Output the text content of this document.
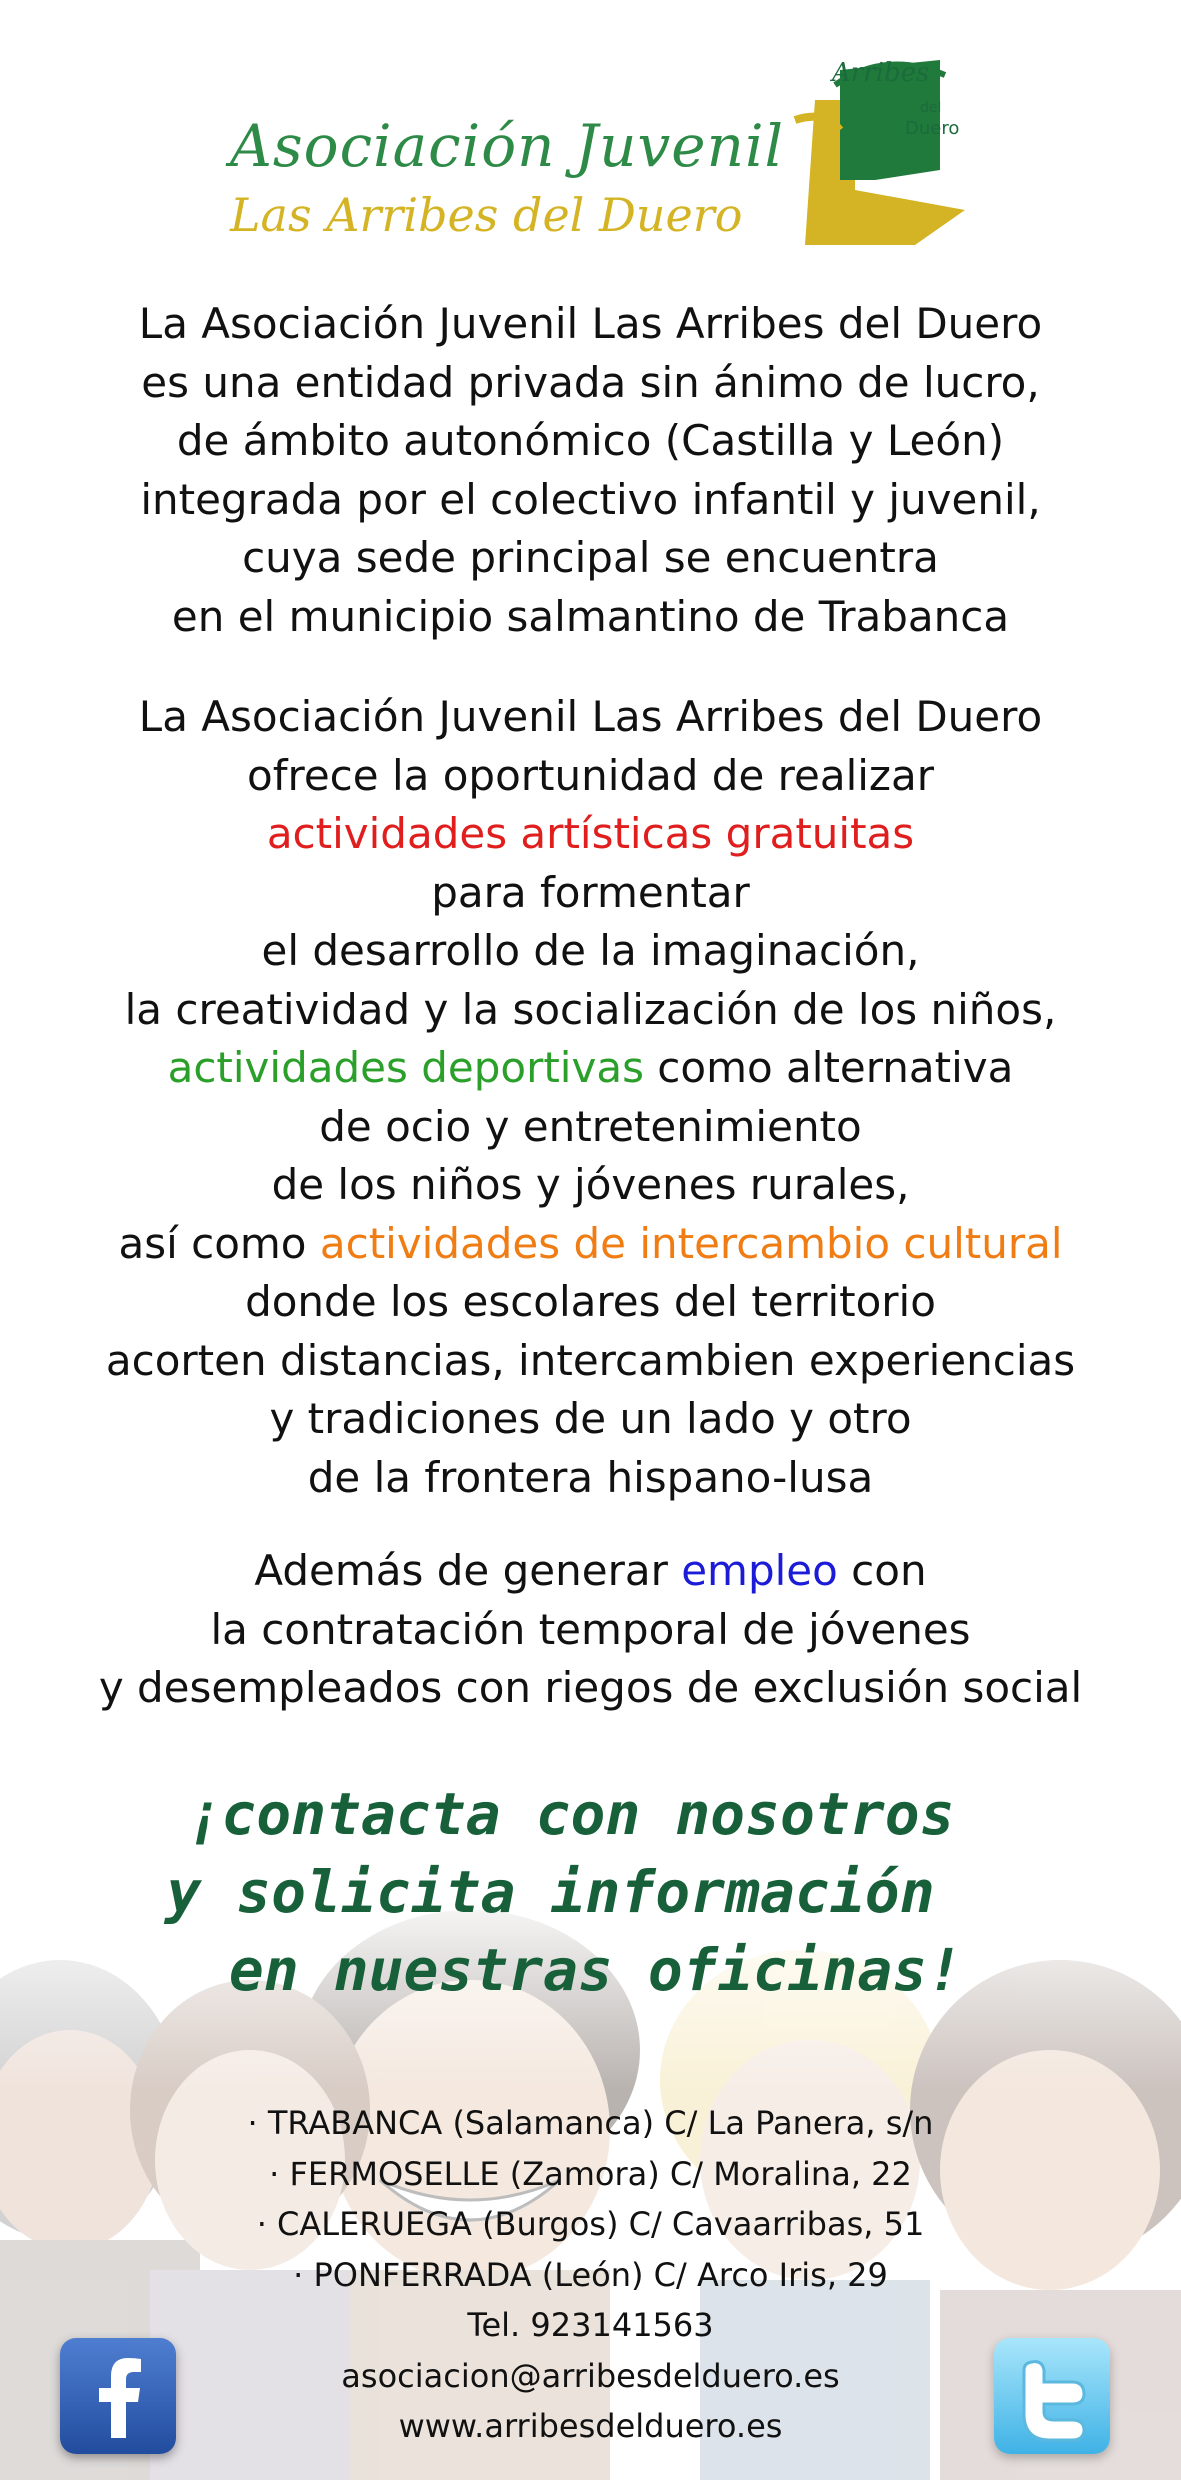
Asociación Juvenil
Las Arribes del Duero
Arribes
del
Duero
La Asociación Juvenil Las Arribes del Duero
es una entidad privada sin ánimo de lucro,
de ámbito autonómico (Castilla y León)
integrada por el colectivo infantil y juvenil,
cuya sede principal se encuentra
en el municipio salmantino de Trabanca
La Asociación Juvenil Las Arribes del Duero
ofrece la oportunidad de realizar
actividades artísticas gratuitas
para formentar
el desarrollo de la imaginación,
la creatividad y la socialización de los niños,
actividades deportivas como alternativa
de ocio y entretenimiento
de los niños y jóvenes rurales,
así como actividades de intercambio cultural
donde los escolares del territorio
acorten distancias, intercambien experiencias
y tradiciones de un lado y otro
de la frontera hispano-lusa
Además de generar empleo con
la contratación temporal de jóvenes
y desempleados con riegos de exclusión social
¡contacta con nosotros
y solicita información
en nuestras oficinas!
· TRABANCA (Salamanca) C/ La Panera, s/n
· FERMOSELLE (Zamora) C/ Moralina, 22
· CALERUEGA (Burgos) C/ Cavaarribas, 51
· PONFERRADA (León) C/ Arco Iris, 29
Tel. 923141563
asociacion@arribesdelduero.es
www.arribesdelduero.es
